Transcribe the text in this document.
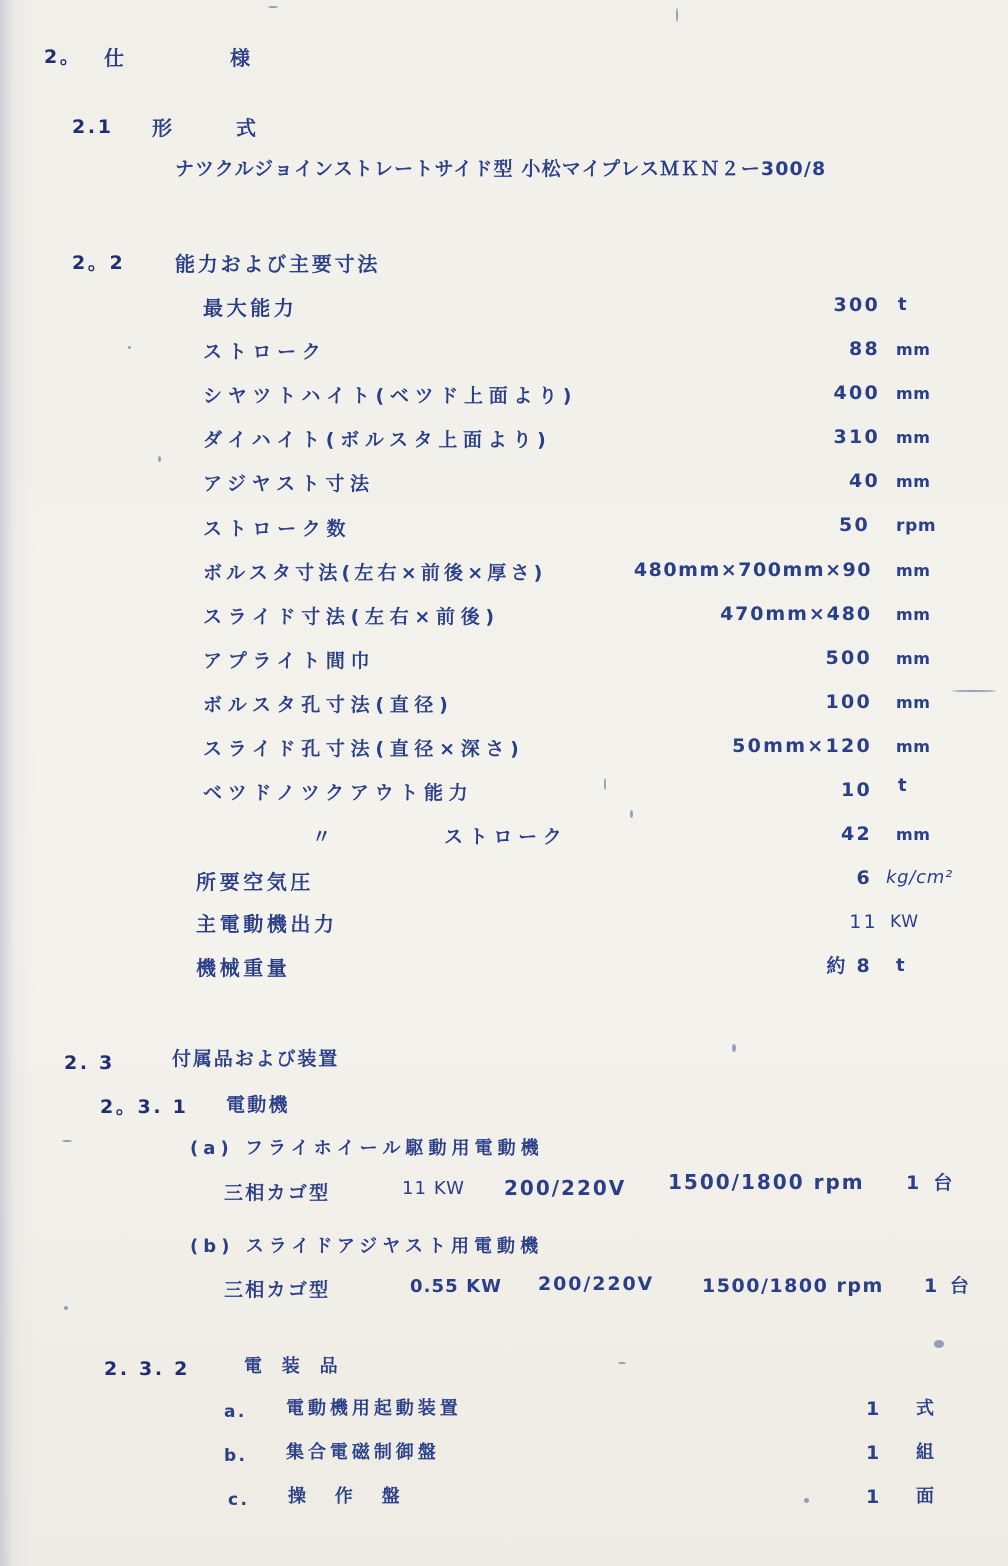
2。 仕　　　　　様
2.1 形　　　式
ナツクルジョインストレートサイド型 小松マイプレスＭＫＮ２ー300/8
2。2 能力および主要寸法
最大能力	300 t
ストローク	88 mm
シヤツトハイト(ベツド上面より)	400 mm
ダイハイト(ボルスタ上面より)	310 mm
アジヤスト寸法	40 mm
ストローク数	50 rpm
ボルスタ寸法(左右×前後×厚さ)	480mm×700mm×90 mm
スライド寸法(左右×前後)	470mm×480 mm
アプライト間巾	500 mm
ボルスタ孔寸法(直径)	100 mm
スライド孔寸法(直径×深さ)	50mm×120 mm
ベツドノツクアウト能力	10 t
〃	ストローク	42 mm
所要空気圧	6 kg/cm²
主電動機出力	11 KW
機械重量	約 8 t
2. 3	付属品および装置
2。3. 1 電動機
(a) フライホイール駆動用電動機
三相カゴ型	11 KW 200/220V 1500/1800 rpm 1 台
(b) スライドアジヤスト用電動機
三相カゴ型	0.55 KW 200/220V	1500/1800 rpm 1 台
2. 3. 2	電　装　品
a. 電動機用起動装置	1 式
b. 集合電磁制御盤	1 組
c. 操作盤	1 面
